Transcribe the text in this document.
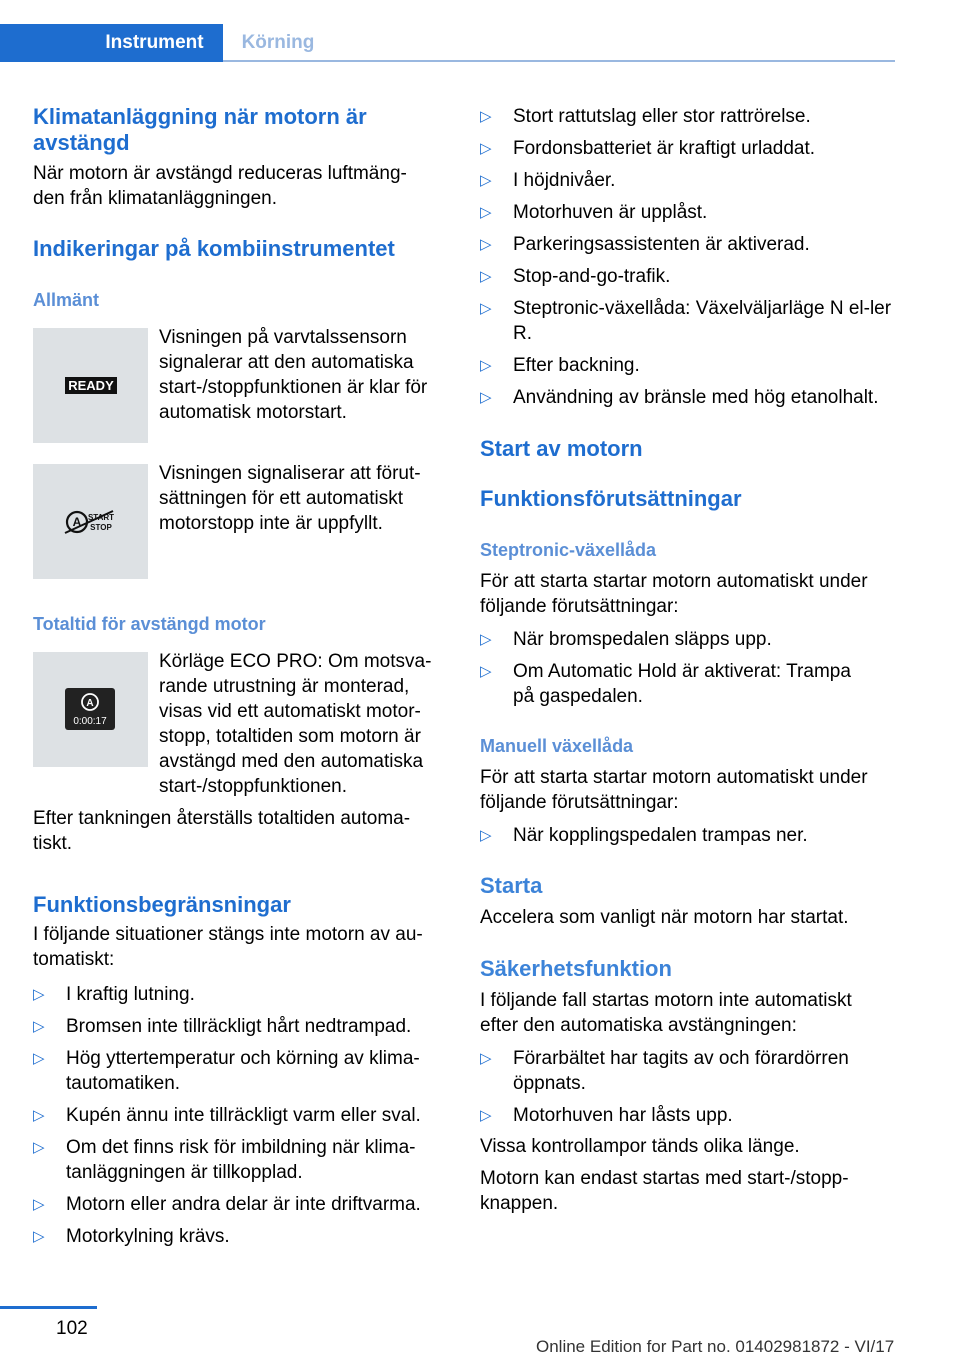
Instrument	Körning
Klimatanläggning när motorn är avstängd

När motorn är avstängd reduceras luftmäng-den från klimatanläggningen.

Indikeringar på kombiinstrumentet
Allmänt
READY
Visningen på varvtalssensorn signalerar att den automatiska start-/stoppfunktionen är klar för automatisk motorstart.
A START
STOP
Visningen signaliserar att förut-sättningen för ett automatiskt motorstopp inte är uppfyllt.
Totaltid för avstängd motor
A
0:00:17
Körläge ECO PRO: Om motsva-rande utrustning är monterad, visas vid ett automatiskt motor-stopp, totaltiden som motorn är avstängd med den automatiska start-/stoppfunktionen.

Efter tankningen återställs totaltiden automa-tiskt.

Funktionsbegränsningar

I följande situationer stängs inte motorn av au-tomatiskt:

▷ I kraftig lutning.
▷ Bromsen inte tillräckligt hårt nedtrampad.
▷ Hög yttertemperatur och körning av klima-tautomatiken.
▷ Kupén ännu inte tillräckligt varm eller sval.
▷ Om det finns risk för imbildning när klima-tanläggningen är tillkopplad.
▷ Motorn eller andra delar är inte driftvarma.
▷ Motorkylning krävs.
▷ Stort rattutslag eller stor rattrörelse.
▷ Fordonsbatteriet är kraftigt urladdat.
▷ I höjdnivåer.
▷ Motorhuven är upplåst.
▷ Parkeringsassistenten är aktiverad.
▷ Stop-and-go-trafik.
▷ Steptronic-växellåda: Växelväljarläge N el-ler R.
▷ Efter backning.
▷ Användning av bränsle med hög etanolhalt.
Start av motorn
Funktionsförutsättningar
Steptronic-växellåda

För att starta startar motorn automatiskt under följande förutsättningar:

▷ När bromspedalen släpps upp.
▷ Om Automatic Hold är aktiverat: Trampa på gaspedalen.
Manuell växellåda

För att starta startar motorn automatiskt under följande förutsättningar:

▷ När kopplingspedalen trampas ner.
Starta

Accelera som vanligt när motorn har startat.

Säkerhetsfunktion

I följande fall startas motorn inte automatiskt efter den automatiska avstängningen:

▷ Förarbältet har tagits av och förardörren öppnats.
▷ Motorhuven har låsts upp.

Vissa kontrollampor tänds olika länge.

Motorn kan endast startas med start-/stopp-knappen.

102
Online Edition for Part no. 01402981872 - VI/17
